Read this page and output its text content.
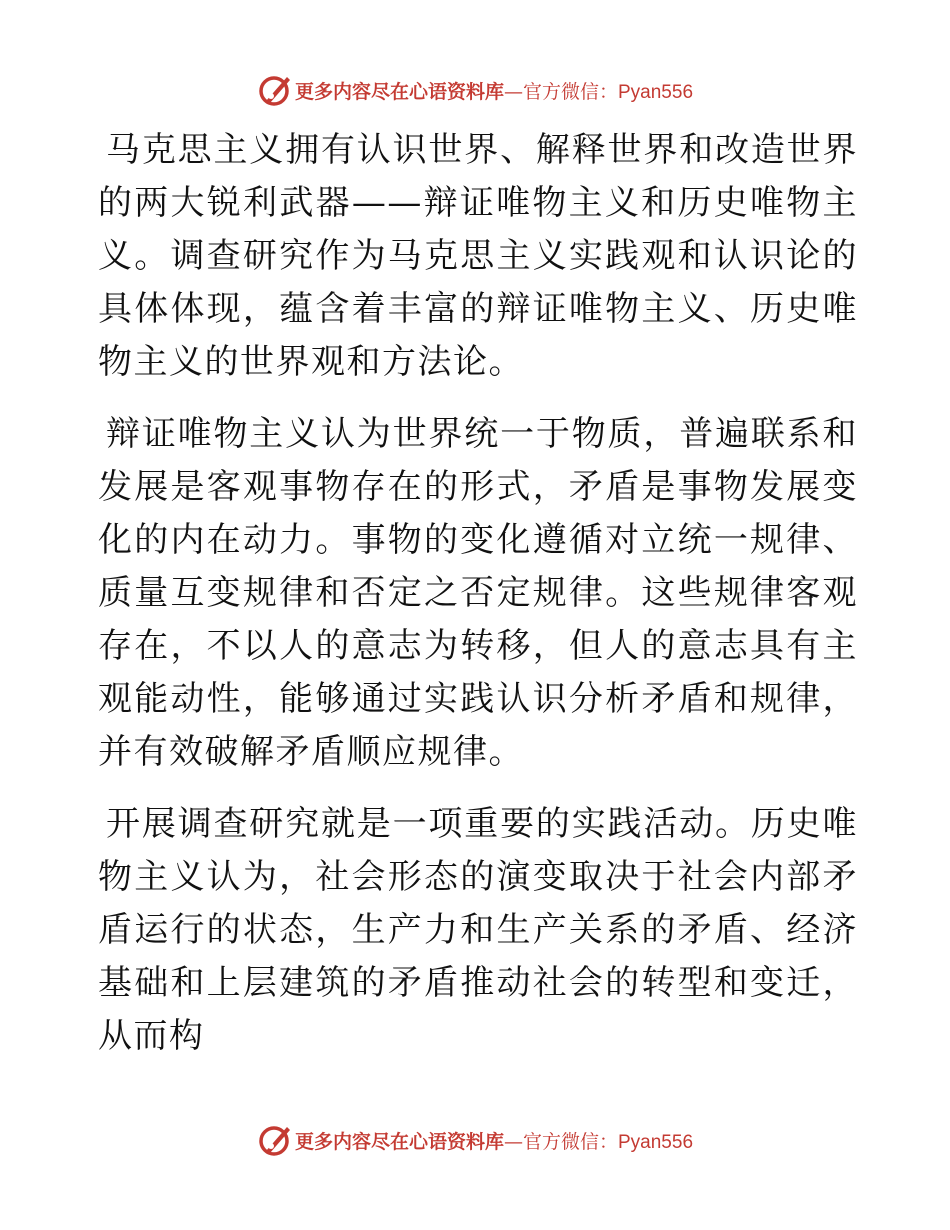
更多内容尽在心语资料库 — 官方微信： Pyan556

马克思主义拥有认识世界、解释世界和改造世界的两大锐利武器——辩证唯物主义和历史唯物主义。调查研究作为马克思主义实践观和认识论的具体体现，蕴含着丰富的辩证唯物主义、历史唯物主义的世界观和方法论。

辩证唯物主义认为世界统一于物质，普遍联系和发展是客观事物存在的形式，矛盾是事物发展变化的内在动力。事物的变化遵循对立统一规律、质量互变规律和否定之否定规律。这些规律客观存在，不以人的意志为转移，但人的意志具有主观能动性，能够通过实践认识分析矛盾和规律，并有效破解矛盾顺应规律。

开展调查研究就是一项重要的实践活动。历史唯物主义认为，社会形态的演变取决于社会内部矛盾运行的状态，生产力和生产关系的矛盾、经济基础和上层建筑的矛盾推动社会的转型和变迁，从而构

更多内容尽在心语资料库 — 官方微信： Pyan556
